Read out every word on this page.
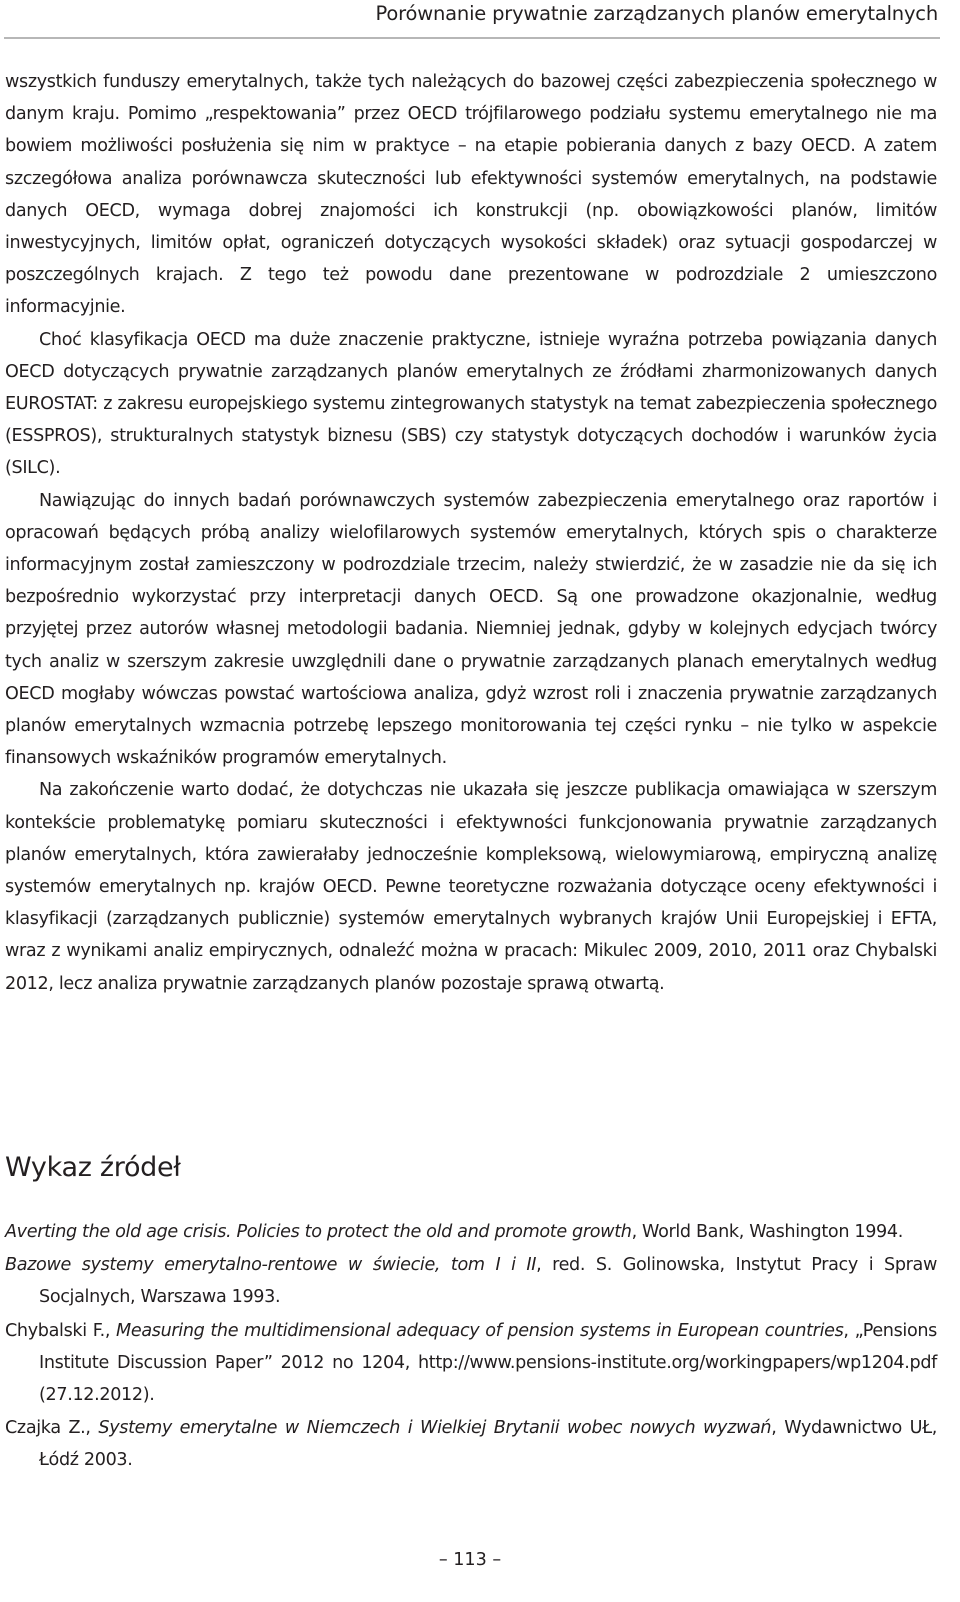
Porównanie prywatnie zarządzanych planów emerytalnych

wszystkich funduszy emerytalnych, także tych należących do bazowej części zabezpieczenia społecznego w danym kraju. Pomimo „respektowania” przez OECD trójfilarowego podziału systemu emerytalnego nie ma bowiem możliwości posłużenia się nim w praktyce – na etapie pobierania danych z bazy OECD. A zatem szczegółowa analiza porównawcza skuteczności lub efektywności systemów emerytalnych, na podstawie danych OECD, wymaga dobrej znajomości ich konstrukcji (np. obowiązkowości planów, limitów inwestycyjnych, limitów opłat, ograniczeń dotyczących wysokości składek) oraz sytuacji gospodarczej w poszczególnych krajach. Z tego też powodu dane prezentowane w podrozdziale 2 umieszczono informacyjnie.

Choć klasyfikacja OECD ma duże znaczenie praktyczne, istnieje wyraźna potrzeba powiązania danych OECD dotyczących prywatnie zarządzanych planów emerytalnych ze źródłami zharmonizowanych danych EUROSTAT: z zakresu europejskiego systemu zintegrowanych statystyk na temat zabezpieczenia społecznego (ESSPROS), strukturalnych statystyk biznesu (SBS) czy statystyk dotyczących dochodów i warunków życia (SILC).

Nawiązując do innych badań porównawczych systemów zabezpieczenia emerytalnego oraz raportów i opracowań będących próbą analizy wielofilarowych systemów emerytalnych, których spis o charakterze informacyjnym został zamieszczony w podrozdziale trzecim, należy stwierdzić, że w zasadzie nie da się ich bezpośrednio wykorzystać przy interpretacji danych OECD. Są one prowadzone okazjonalnie, według przyjętej przez autorów własnej metodologii badania. Niemniej jednak, gdyby w kolejnych edycjach twórcy tych analiz w szerszym zakresie uwzględnili dane o prywatnie zarządzanych planach emerytalnych według OECD mogłaby wówczas powstać wartościowa analiza, gdyż wzrost roli i znaczenia prywatnie zarządzanych planów emerytalnych wzmacnia potrzebę lepszego monitorowania tej części rynku – nie tylko w aspekcie finansowych wskaźników programów emerytalnych.

Na zakończenie warto dodać, że dotychczas nie ukazała się jeszcze publikacja omawiająca w szerszym kontekście problematykę pomiaru skuteczności i efektywności funkcjonowania prywatnie zarządzanych planów emerytalnych, która zawierałaby jednocześnie kompleksową, wielowymiarową, empiryczną analizę systemów emerytalnych np. krajów OECD. Pewne teoretyczne rozważania dotyczące oceny efektywności i klasyfikacji (zarządzanych publicznie) systemów emerytalnych wybranych krajów Unii Europejskiej i EFTA, wraz z wynikami analiz empirycznych, odnaleźć można w pracach: Mikulec 2009, 2010, 2011 oraz Chybalski 2012, lecz analiza prywatnie zarządzanych planów pozostaje sprawą otwartą.

Wykaz źródeł

Averting the old age crisis. Policies to protect the old and promote growth, World Bank, Washington 1994.

Bazowe systemy emerytalno-rentowe w świecie, tom I i II, red. S. Golinowska, Instytut Pracy i Spraw Socjalnych, Warszawa 1993.

Chybalski F., Measuring the multidimensional adequacy of pension systems in European countries, „Pensions Institute Discussion Paper” 2012 no 1204, http://www.pensions-institute.org/workingpapers/wp1204.pdf (27.12.2012).

Czajka Z., Systemy emerytalne w Niemczech i Wielkiej Brytanii wobec nowych wyzwań, Wydawnictwo UŁ, Łódź 2003.

– 113 –
